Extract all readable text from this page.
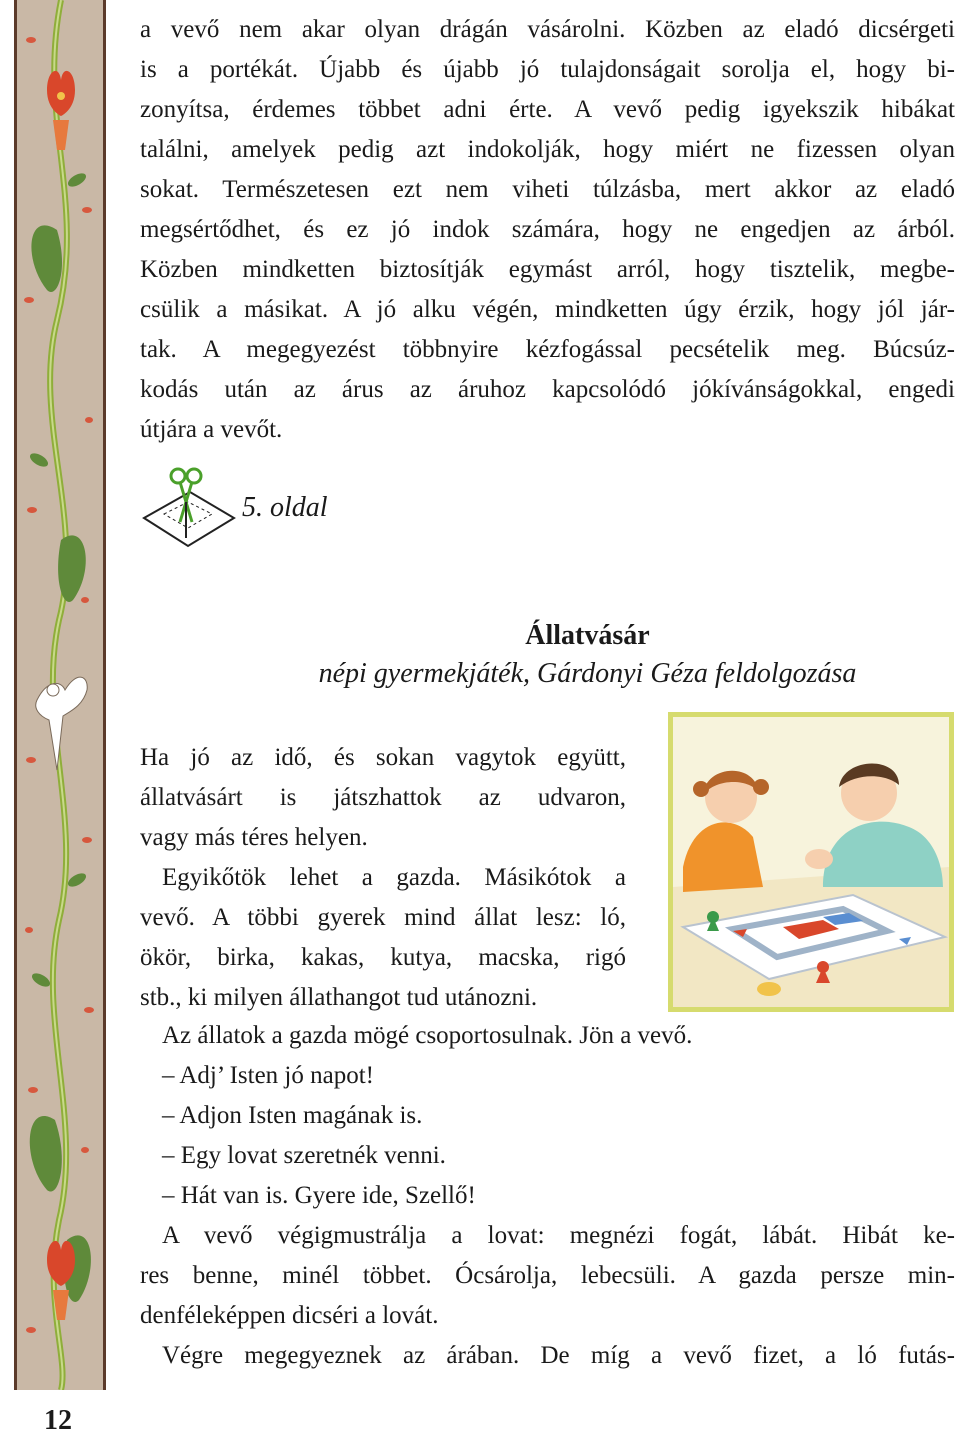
a vevő nem akar olyan drágán vásárolni. Közben az eladó dicsérgeti
is a portékát. Újabb és újabb jó tulajdonságait sorolja el, hogy bi-
zonyítsa, érdemes többet adni érte. A vevő pedig igyekszik hibákat
találni, amelyek pedig azt indokolják, hogy miért ne fizessen olyan
sokat. Természetesen ezt nem viheti túlzásba, mert akkor az eladó
megsértődhet, és ez jó indok számára, hogy ne engedjen az árból.
Közben mindketten biztosítják egymást arról, hogy tisztelik, megbe-
csülik a másikat. A jó alku végén, mindketten úgy érzik, hogy jól jár-
tak. A megegyezést többnyire kézfogással pecsételik meg. Búcsúz-
kodás után az árus az áruhoz kapcsolódó jókívánságokkal, engedi
útjára a vevőt.
5. oldal
Állatvásár
népi gyermekjáték, Gárdonyi Géza feldolgozása
Ha jó az idő, és sokan vagytok együtt,
állatvásárt is játszhattok az udvaron,
vagy más téres helyen.
Egyikőtök lehet a gazda. Másikótok a
vevő. A többi gyerek mind állat lesz: ló,
ökör, birka, kakas, kutya, macska, rigó
stb., ki milyen állathangot tud utánozni.
Az állatok a gazda mögé csoportosulnak. Jön a vevő.
– Adj’ Isten jó napot!
– Adjon Isten magának is.
– Egy lovat szeretnék venni.
– Hát van is. Gyere ide, Szellő!
A vevő végigmustrálja a lovat: megnézi fogát, lábát. Hibát ke-
res benne, minél többet. Ócsárolja, lebecsüli. A gazda persze min-
denféleképpen dicséri a lovát.
Végre megegyeznek az árában. De míg a vevő fizet, a ló futás-
12
